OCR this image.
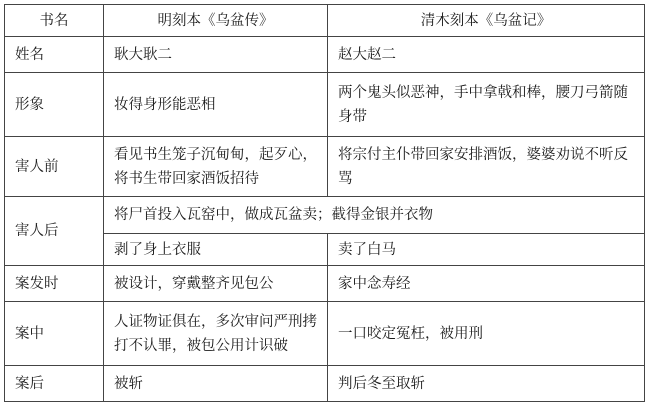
书名	明刻本《乌盆传》	清木刻本《乌盆记》
姓名	耿大耿二	赵大赵二
形象	妆得身形能恶相	两个鬼头似恶神，手中拿戟和棒，腰刀弓箭随身带
害人前	看见书生笼子沉甸甸，起歹心，将书生带回家酒饭招待	将宗付主仆带回家安排酒饭，婆婆劝说不听反骂
害人后	将尸首投入瓦窑中，做成瓦盆卖；截得金银并衣物	
	剥了身上衣服	卖了白马
案发时	被设计，穿戴整齐见包公	家中念寿经
案中	人证物证俱在，多次审问严刑拷打不认罪，被包公用计识破	一口咬定冤枉，被用刑
案后	被斩	判后冬至取斩
